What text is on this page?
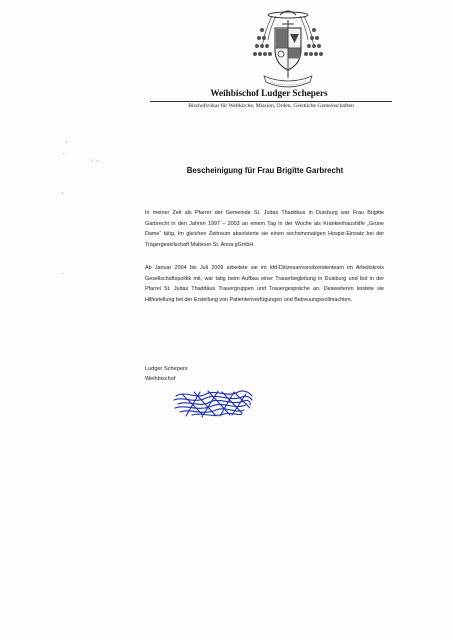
Weihbischof Ludger Schepers
Bischofsvikar für Weltkirche, Mission, Orden, Geistliche Gemeinschaften
'
.
' ,
'
.
Bescheinigung für Frau Brigitte Garbrecht

In meiner Zeit als Pfarrer der Gemeinde St. Judas Thaddäus in Duisburg war Frau Brigitte Garbrecht in den Jahren 1997 – 2003 an einem Tag in der Woche als Krankenhaushilfe „Grüne Dame“ tätig. Im gleichen Zeitraum absolvierte sie einen sechsmonatigen Hospiz-Einsatz bei der Trägergesellschaft Malteser St. Anna gGmbH.

Ab Januar 2004 bis Juli 2009 arbeitete sie im kfd-Diözesanvorsitzendenteam im Arbeitskreis Gesellschaftspolitik mit, war tätig beim Aufbau einer Trauerbegleitung in Duisburg und bot in der Pfarrei St. Judas Thaddäus Trauergruppen und Trauergespräche an. Desweiteren leistete sie Hilfestellung bei der Erstellung von Patientenverfügungen und Betreuungsvollmachten.

Ludger Schepers
Weihbischof
